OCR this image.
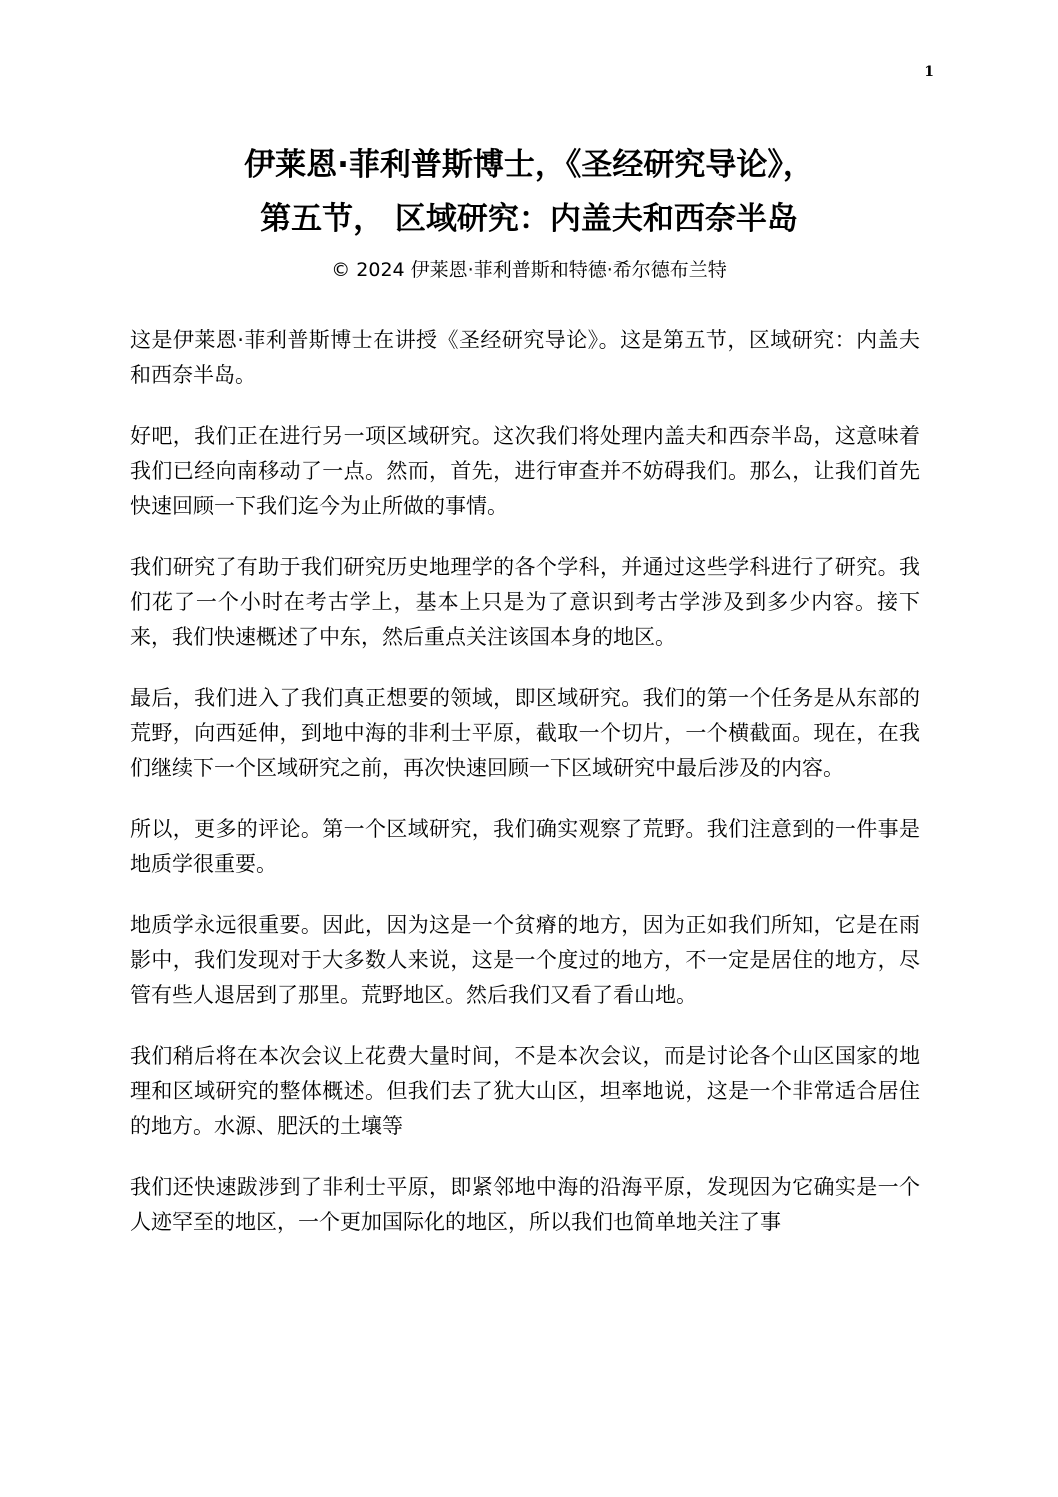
1

伊莱恩·菲利普斯博士，《圣经研究导论》，

第五节， 区域研究：内盖夫和西奈半岛

© 2024 伊莱恩·菲利普斯和特德·希尔德布兰特

这是伊莱恩·菲利普斯博士在讲授《圣经研究导论》。这是第五节，区域研究：内盖夫和西奈半岛。

好吧，我们正在进行另一项区域研究。这次我们将处理内盖夫和西奈半岛，这意味着我们已经向南移动了一点。然而，首先，进行审查并不妨碍我们。那么，让我们首先快速回顾一下我们迄今为止所做的事情。

我们研究了有助于我们研究历史地理学的各个学科，并通过这些学科进行了研究。我们花了一个小时在考古学上，基本上只是为了意识到考古学涉及到多少内容。接下来，我们快速概述了中东，然后重点关注该国本身的地区。

最后，我们进入了我们真正想要的领域，即区域研究。我们的第一个任务是从东部的荒野，向西延伸，到地中海的非利士平原，截取一个切片，一个横截面。现在，在我们继续下一个区域研究之前，再次快速回顾一下区域研究中最后涉及的内容。

所以，更多的评论。第一个区域研究，我们确实观察了荒野。我们注意到的一件事是地质学很重要。

地质学永远很重要。因此，因为这是一个贫瘠的地方，因为正如我们所知，它是在雨影中，我们发现对于大多数人来说，这是一个度过的地方，不一定是居住的地方，尽管有些人退居到了那里。荒野地区。然后我们又看了看山地。

我们稍后将在本次会议上花费大量时间，不是本次会议，而是讨论各个山区国家的地理和区域研究的整体概述。但我们去了犹大山区，坦率地说，这是一个非常适合居住的地方。水源、肥沃的土壤等

我们还快速跋涉到了非利士平原，即紧邻地中海的沿海平原，发现因为它确实是一个人迹罕至的地区，一个更加国际化的地区，所以我们也简单地关注了事
